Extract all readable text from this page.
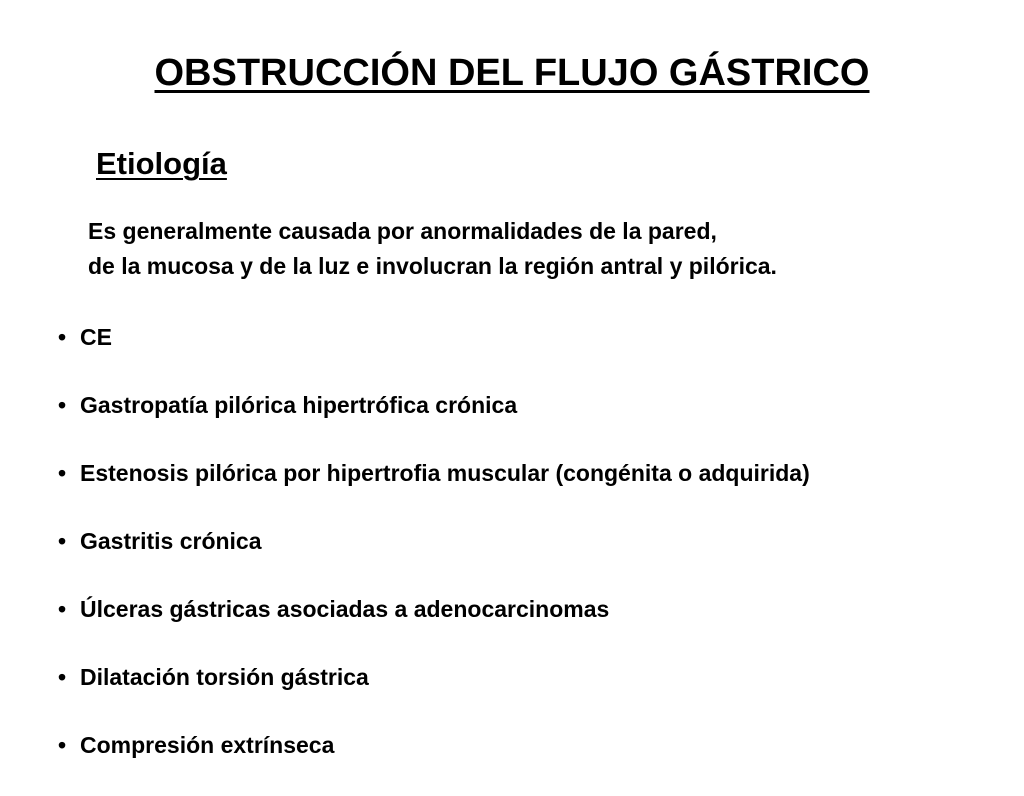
OBSTRUCCIÓN DEL FLUJO GÁSTRICO
Etiología

Es generalmente causada por anormalidades de la pared,
de la mucosa y de la luz e involucran la región antral y pilórica.

• CE
• Gastropatía pilórica hipertrófica crónica
• Estenosis pilórica por hipertrofia muscular (congénita o adquirida)
• Gastritis crónica
• Úlceras gástricas asociadas a adenocarcinomas
• Dilatación torsión gástrica
• Compresión extrínseca
